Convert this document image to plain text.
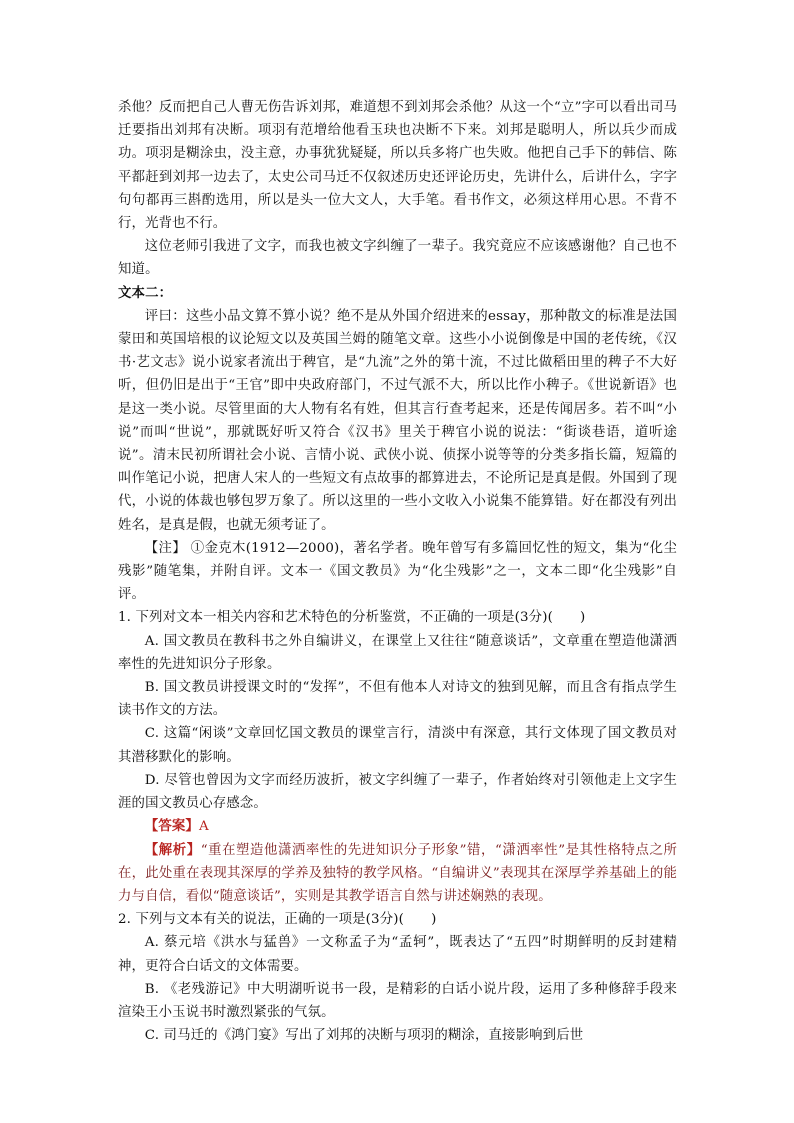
杀他？反而把自己人曹无伤告诉刘邦，难道想不到刘邦会杀他？从这一个“立”字可以看出司马迁要指出刘邦有决断。项羽有范增给他看玉玦也决断不下来。刘邦是聪明人，所以兵少而成功。项羽是糊涂虫，没主意，办事犹犹疑疑，所以兵多将广也失败。他把自己手下的韩信、陈平都赶到刘邦一边去了，太史公司马迁不仅叙述历史还评论历史，先讲什么，后讲什么，字字句句都再三斟酌选用，所以是头一位大文人，大手笔。看书作文，必须这样用心思。不背不行，光背也不行。

这位老师引我进了文字，而我也被文字纠缠了一辈子。我究竟应不应该感谢他？自己也不知道。

文本二：

评曰：这些小品文算不算小说？绝不是从外国介绍进来的essay，那种散文的标准是法国蒙田和英国培根的议论短文以及英国兰姆的随笔文章。这些小小说倒像是中国的老传统，《汉书·艺文志》说小说家者流出于稗官，是“九流”之外的第十流，不过比做稻田里的稗子不大好听，但仍旧是出于“王官”即中央政府部门，不过气派不大，所以比作小稗子。《世说新语》也是这一类小说。尽管里面的大人物有名有姓，但其言行查考起来，还是传闻居多。若不叫“小说”而叫“世说”，那就既好听又符合《汉书》里关于稗官小说的说法：“街谈巷语，道听途说”。清末民初所谓社会小说、言情小说、武侠小说、侦探小说等等的分类多指长篇，短篇的叫作笔记小说，把唐人宋人的一些短文有点故事的都算进去，不论所记是真是假。外国到了现代，小说的体裁也够包罗万象了。所以这里的一些小文收入小说集不能算错。好在都没有列出姓名，是真是假，也就无须考证了。

【注】 ①金克木(1912—2000)，著名学者。晚年曾写有多篇回忆性的短文，集为“化尘残影”随笔集，并附自评。文本一《国文教员》为“化尘残影”之一，文本二即“化尘残影”自评。

1. 下列对文本一相关内容和艺术特色的分析鉴赏，不正确的一项是(3分)(　　)

A. 国文教员在教科书之外自编讲义，在课堂上又往往“随意谈话”，文章重在塑造他潇洒率性的先进知识分子形象。

B. 国文教员讲授课文时的“发挥”，不但有他本人对诗文的独到见解，而且含有指点学生读书作文的方法。

C. 这篇“闲谈”文章回忆国文教员的课堂言行，清淡中有深意，其行文体现了国文教员对其潜移默化的影响。

D. 尽管也曾因为文字而经历波折，被文字纠缠了一辈子，作者始终对引领他走上文字生涯的国文教员心存感念。

【答案】A

【解析】“重在塑造他潇洒率性的先进知识分子形象”错，“潇洒率性”是其性格特点之所在，此处重在表现其深厚的学养及独特的教学风格。“自编讲义”表现其在深厚学养基础上的能力与自信，看似“随意谈话”，实则是其教学语言自然与讲述娴熟的表现。

2. 下列与文本有关的说法，正确的一项是(3分)(　　)

A. 蔡元培《洪水与猛兽》一文称孟子为“孟轲”，既表达了“五四”时期鲜明的反封建精神，更符合白话文的文体需要。

B. 《老残游记》中大明湖听说书一段，是精彩的白话小说片段，运用了多种修辞手段来渲染王小玉说书时激烈紧张的气氛。

C. 司马迁的《鸿门宴》写出了刘邦的决断与项羽的糊涂，直接影响到后世
